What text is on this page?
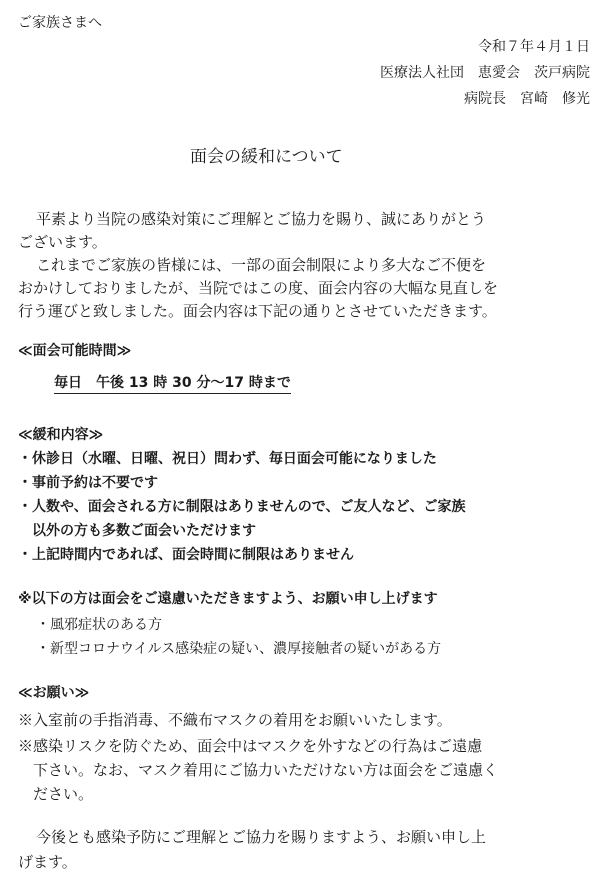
ご家族さまへ
令和７年４月１日
医療法人社団　恵愛会　茨戸病院
病院長　宮崎　修光
面会の緩和について
平素より当院の感染対策にご理解とご協力を賜り、誠にありがとう
ございます。
これまでご家族の皆様には、一部の面会制限により多大なご不便を
おかけしておりましたが、当院ではこの度、面会内容の大幅な見直しを
行う運びと致しました。面会内容は下記の通りとさせていただきます。
≪面会可能時間≫
毎日　午後 13 時 30 分〜17 時まで
≪緩和内容≫
・休診日（水曜、日曜、祝日）問わず、毎日面会可能になりました
・事前予約は不要です
・人数や、面会される方に制限はありませんので、ご友人など、ご家族
　以外の方も多数ご面会いただけます
・上記時間内であれば、面会時間に制限はありません
※以下の方は面会をご遠慮いただきますよう、お願い申し上げます
・風邪症状のある方
・新型コロナウイルス感染症の疑い、濃厚接触者の疑いがある方
≪お願い≫
※入室前の手指消毒、不織布マスクの着用をお願いいたします。
※感染リスクを防ぐため、面会中はマスクを外すなどの行為はご遠慮
　下さい。なお、マスク着用にご協力いただけない方は面会をご遠慮く
　ださい。
今後とも感染予防にご理解とご協力を賜りますよう、お願い申し上
げます。
